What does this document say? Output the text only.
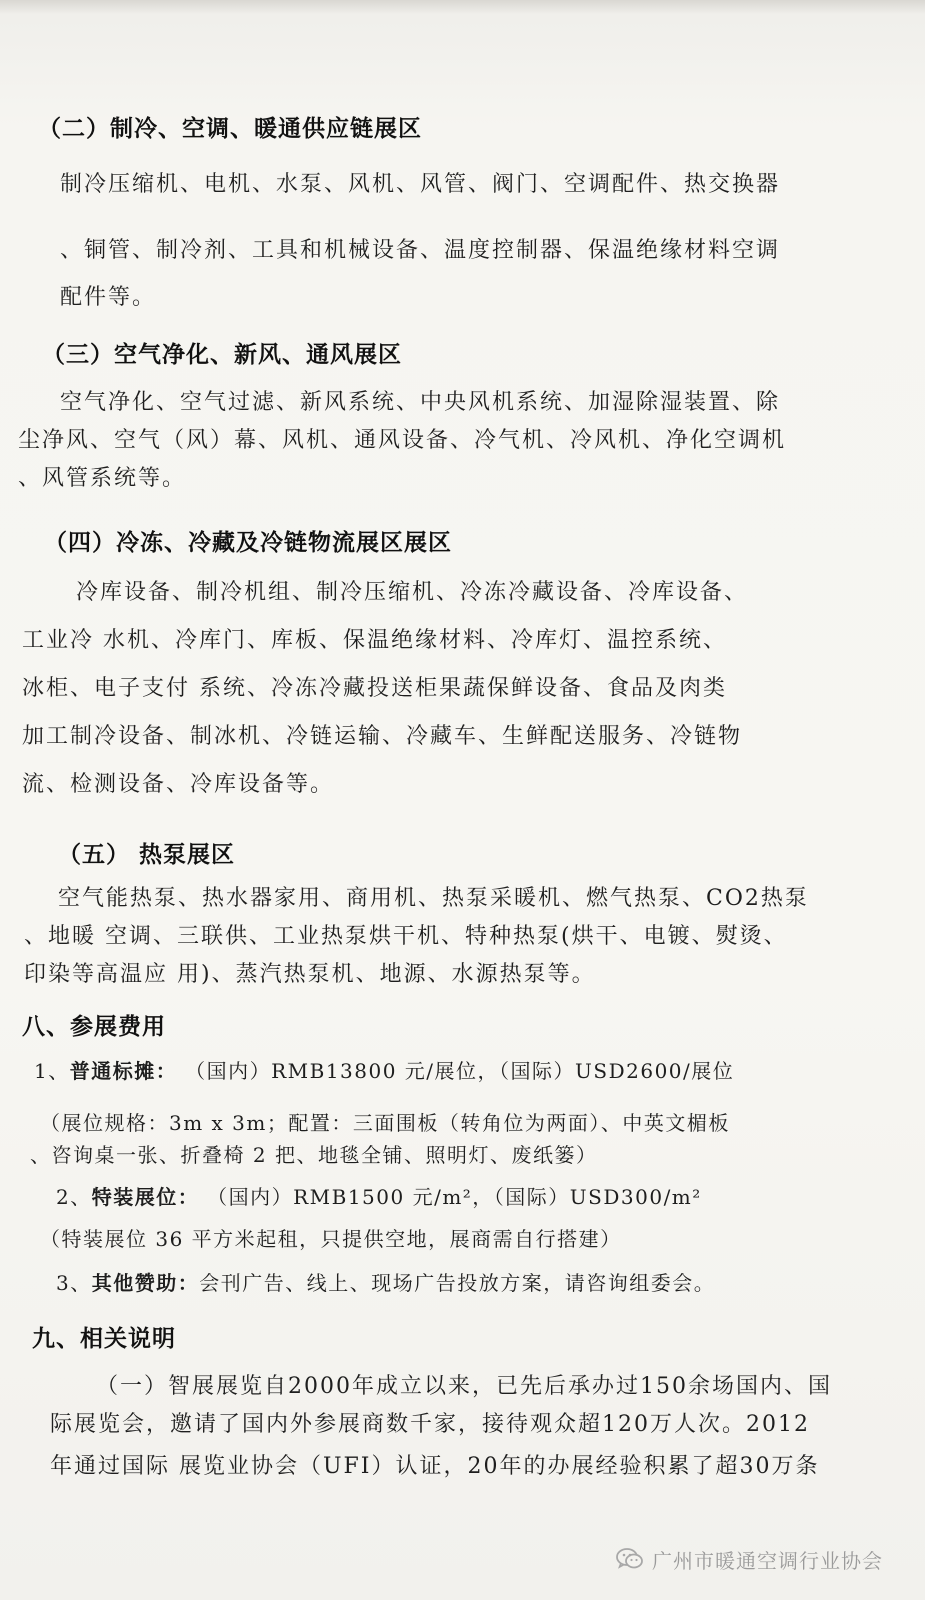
（二）制冷、空调、暖通供应链展区
制冷压缩机、电机、水泵、风机、风管、阀门、空调配件、热交换器
、铜管、制冷剂、工具和机械设备、温度控制器、保温绝缘材料空调
配件等。
（三）空气净化、新风、通风展区
空气净化、空气过滤、新风系统、中央风机系统、加湿除湿装置、除
尘净风、空气（风）幕、风机、通风设备、冷气机、冷风机、净化空调机
、风管系统等。
（四）冷冻、冷藏及冷链物流展区展区
冷库设备、制冷机组、制冷压缩机、冷冻冷藏设备、冷库设备、
工业冷 水机、冷库门、库板、保温绝缘材料、冷库灯、温控系统、
冰柜、电子支付 系统、冷冻冷藏投送柜果蔬保鲜设备、食品及肉类
加工制冷设备、制冰机、冷链运输、冷藏车、生鲜配送服务、冷链物
流、检测设备、冷库设备等。
（五） 热泵展区
空气能热泵、热水器家用、商用机、热泵采暖机、燃气热泵、CO2热泵
、地暖 空调、三联供、工业热泵烘干机、特种热泵(烘干、电镀、熨烫、
印染等高温应 用)、蒸汽热泵机、地源、水源热泵等。
八、参展费用
1、普通标摊： （国内）RMB13800 元/展位，（国际）USD2600/展位
（展位规格：3m x 3m；配置：三面围板（转角位为两面）、中英文楣板
、咨询桌一张、折叠椅 2 把、地毯全铺、照明灯、废纸篓）
2、特装展位： （国内）RMB1500 元/m²，（国际）USD300/m²
（特装展位 36 平方米起租，只提供空地，展商需自行搭建）
3、其他赞助：会刊广告、线上、现场广告投放方案，请咨询组委会。
九、相关说明
（一）智展展览自2000年成立以来，已先后承办过150余场国内、国
际展览会，邀请了国内外参展商数千家，接待观众超120万人次。2012
年通过国际 展览业协会（UFI）认证，20年的办展经验积累了超30万条
广州市暖通空调行业协会
